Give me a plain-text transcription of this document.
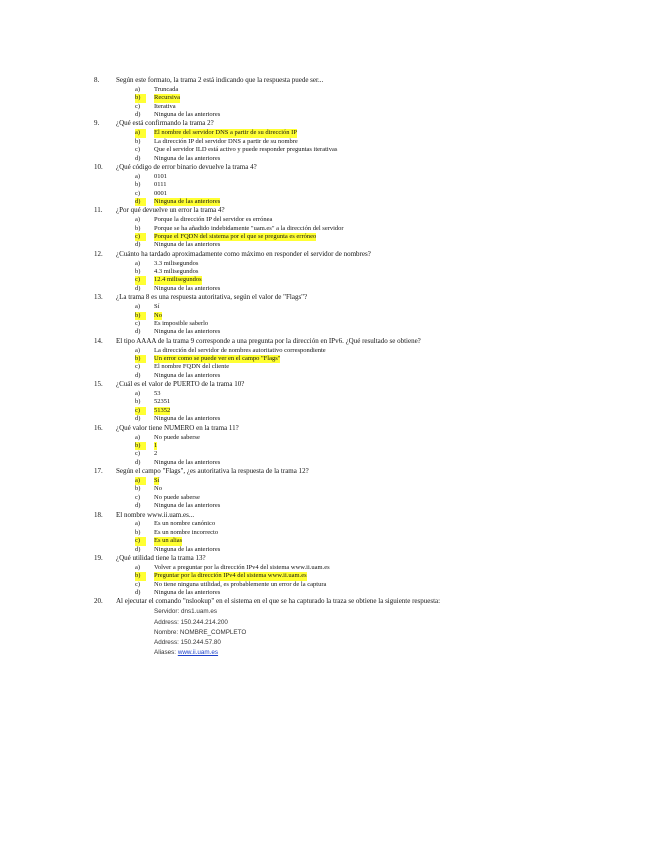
8. Según este formato, la trama 2 está indicando que la respuesta puede ser...
a) Truncada
b)	Recursiva
c) Iterativa
d) Ninguna de las anteriores
9. ¿Qué está confirmando la trama 2?
a)	El nombre del servidor DNS a partir de su dirección IP
b) La dirección IP del servidor DNS a partir de su nombre
c) Que el servidor ILD está activo y puede responder preguntas iterativas
d) Ninguna de las anteriores
10. ¿Qué código de error binario devuelve la trama 4?
a) 0101
b) 0111
c) 0001
d)	Ninguna de las anteriores
11. ¿Por qué devuelve un error la trama 4?
a) Porque la dirección IP del servidor es errónea
b) Porque se ha añadido indebidamente "uam.es" a la dirección del servidor
c)	Porque el FQDN del sistema por el que se pregunta es erróneo
d) Ninguna de las anteriores
12. ¿Cuánto ha tardado aproximadamente como máximo en responder el servidor de nombres?
a) 3.3 milisegundos
b) 4.3 milisegundos
c)	12.4 milisegundos
d) Ninguna de las anteriores
13. ¿La trama 8 es una respuesta autoritativa, según el valor de "Flags"?
a) Sí
b)	No
c) Es imposible saberlo
d) Ninguna de las anteriores
14. El tipo AAAA de la trama 9 corresponde a una pregunta por la dirección en IPv6. ¿Qué resultado se obtiene?
a) La dirección del servidor de nombres autoritativo correspondiente
b)	Un error como se puede ver en el campo "Flags"
c) El nombre FQDN del cliente
d) Ninguna de las anteriores
15. ¿Cuál es el valor de PUERTO de la trama 10?
a) 53
b) 52351
c)	51352
d) Ninguna de las anteriores
16. ¿Qué valor tiene NUMERO en la trama 11?
a) No puede saberse
b)	1
c) 2
d) Ninguna de las anteriores
17. Según el campo "Flags", ¿es autoritativa la respuesta de la trama 12?
a)	Sí
b) No
c) No puede saberse
d) Ninguna de las anteriores
18. El nombre www.ii.uam.es...
a) Es un nombre canónico
b) Es un nombre incorrecto
c)	Es un alias
d) Ninguna de las anteriores
19. ¿Qué utilidad tiene la trama 13?
a) Volver a preguntar por la dirección IPv4 del sistema www.ii.uam.es
b)	Preguntar por la dirección IPv4 del sistema www.ii.uam.es
c) No tiene ninguna utilidad, es probablemente un error de la captura
d) Ninguna de las anteriores
20. Al ejecutar el comando "nslookup" en el sistema en el que se ha capturado la traza se obtiene la siguiente respuesta:
Servidor: dns1.uam.es
Address: 150.244.214.200
Nombre: NOMBRE_COMPLETO
Address: 150.244.57.80
Aliases: www.ii.uam.es
